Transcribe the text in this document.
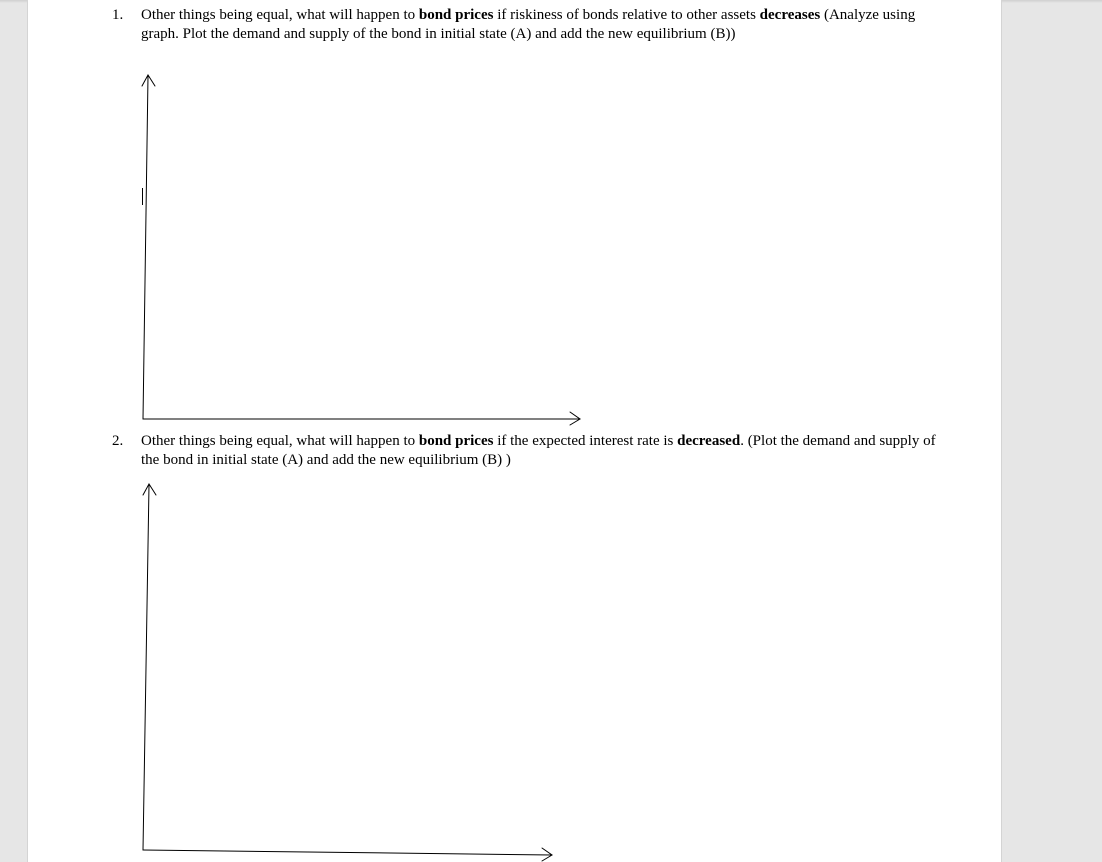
1. Other things being equal, what will happen to bond prices if riskiness of bonds relative to other assets decreases (Analyze using graph. Plot the demand and supply of the bond in initial state (A) and add the new equilibrium (B))
2. Other things being equal, what will happen to bond prices if the expected interest rate is decreased. (Plot the demand and supply of the bond in initial state (A) and add the new equilibrium (B) )
